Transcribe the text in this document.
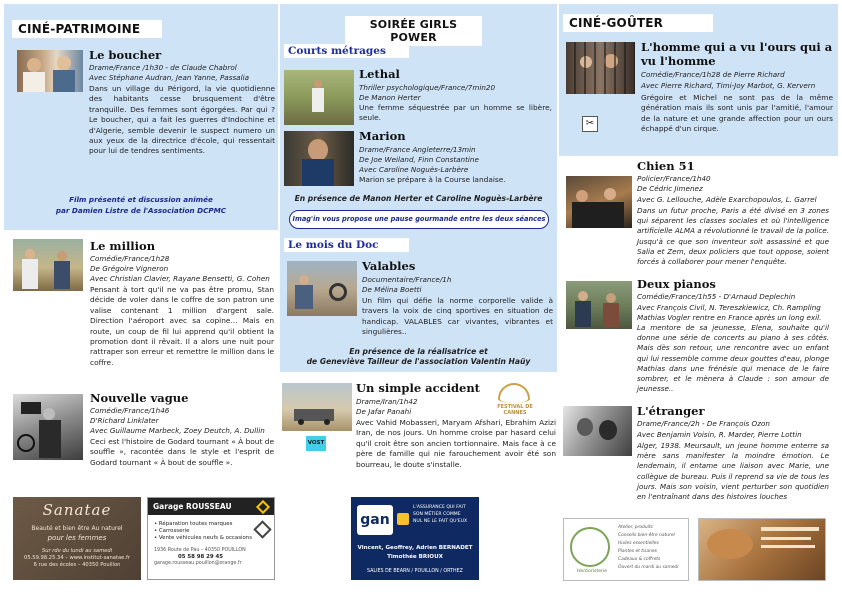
CINÉ-PATRIMOINE
Le boucher
Drame/France /1h30 - de Claude Chabrol
Avec Stéphane Audran, Jean Yanne, Passalia
Dans un village du Périgord, la vie quotidienne des habitants cesse brusquement d'être tranquille. Des femmes sont égorgées. Par qui ? Le boucher, qui a fait les guerres d'Indochine et d'Algerie, semble devenir le suspect numero un aux yeux de la directrice d'école, qui ressentait pour lui de tendres sentiments.
Film présenté et discussion animée
par Damien Listre de l'Association DCPMC
Le million
Comédie/France/1h28
De Grégoire Vigneron
Avec Christian Clavier, Rayane Bensetti, G. Cohen
Pensant à tort qu'il ne va pas être promu, Stan décide de voler dans le coffre de son patron une valise contenant 1 million d'argent sale. Direction l'aéroport avec sa copine... Mais en route, un coup de fil lui apprend qu'il obtient la promotion dont il rêvait. Il a alors une nuit pour rattraper son erreur et remettre le million dans le coffre.
Nouvelle vague
Comédie/France/1h46
D'Richard Linklater
Avec Guillaume Marbeck, Zoey Deutch, A. Dullin
Ceci est l'histoire de Godard tournant « À bout de souffle », racontée dans le style et l'esprit de Godard tournant « À bout de souffle ».
Sanatae
Beauté et bien être Au naturel
pour les femmes
Sur rdv du lundi au samedi
05.59.98.25.34 – www.institut-sanatae.fr
6 rue des écoles – 40350 Pouillon
Garage ROUSSEAU
• Réparation toutes marques
• Carrosserie
• Vente véhicules neufs & occasions
1936 Route de Pau – 40350 POUILLON
05 58 98 29 45
garage.rousseau.pouillon@orange.fr
SOIRÉE GIRLS POWER
Courts métrages
Lethal
Thriller psychologique/France/7min20
De Manon Herter
Une femme séquestrée par un homme se libère, seule.
Marion
Drame/France Angleterre/13min
De Joe Weiland, Finn Constantine
Avec Caroline Noguès-Larbère
Marion se prépare à la Course landaise.
En présence de Manon Herter et Caroline Noguès-Larbère
Imag'in vous propose une pause gourmande entre les deux séances
Le mois du Doc
Valables
Documentaire/France/1h
De Mélina Boetti
Un film qui défie la norme corporelle valide à travers la voix de cinq sportives en situation de handicap. VALABLES car vivantes, vibrantes et singulières..
En présence de la réalisatrice et
de Geneviève Tailleur de l'association Valentin Haüy
VOST
Un simple accident
Drame/Iran/1h42
De Jafar Panahi	FESTIVAL DE CANNES
Avec Vahid Mobasseri, Maryam Afshari, Ebrahim Azizi Iran, de nos jours. Un homme croise par hasard celui qu'il croit être son ancien tortionnaire. Mais face à ce père de famille qui nie farouchement avoir été son bourreau, le doute s'installe.
gan
L'ASSURANCE QUI FAIT
SON MÉTIER COMME
NUL NE LE FAIT QU'EUX
Vincent, Geoffrey, Adrien BERNADET
Timothée BRIOUX
SALIES DE BEARN / POUILLON / ORTHEZ
CINÉ-GOÛTER
✂
L'homme qui a vu l'ours qui a
vu l'homme
Comédie/France/1h28 de Pierre Richard
Avec Pierre Richard, Timi-Joy Marbot, G. Kervern
Grégoire et Michel ne sont pas de la même génération mais ils sont unis par l'amitié, l'amour de la nature et une grande affection pour un ours échappé d'un cirque.
Chien 51
Policier/France/1h40
De Cédric Jimenez
Avec G. Lellouche, Adèle Exarchopoulos, L. Garrel
Dans un futur proche, Paris a été divisé en 3 zones qui séparent les classes sociales et où l'intelligence artificielle ALMA a révolutionné le travail de la police. Jusqu'à ce que son inventeur soit assassiné et que Salia et Zem, deux policiers que tout oppose, soient forcés à collaborer pour mener l'enquête.
Deux pianos
Comédie/France/1h55 - D'Arnaud Deplechin
Avec François Civil, N. Tereszkiewicz, Ch. Rampling
Mathias Vogler rentre en France après un long exil.
La mentore de sa jeunesse, Elena, souhaite qu'il donne une série de concerts au piano à ses côtés. Mais dès son retour, une rencontre avec un enfant qui lui ressemble comme deux gouttes d'eau, plonge Mathias dans une frénésie qui menace de le faire sombrer, et le mènera à Claude : son amour de jeunesse..
L'étranger
Drame/France/2h - De François Ozon
Avec Benjamin Voisin, R. Marder, Pierre Lottin
Alger, 1938. Meursault, un jeune homme enterre sa mère sans manifester la moindre émotion. Le lendemain, il entame une liaison avec Marie, une collègue de bureau. Puis il reprend sa vie de tous les jours. Mais son voisin, vient perturber son quotidien en l'entraînant dans des histoires louches
Herboristerie
Atelier, produits
Conseils bien-être naturel
Huiles essentielles
Plantes et tisanes
Cadeaux & coffrets
Ouvert du mardi au samedi
